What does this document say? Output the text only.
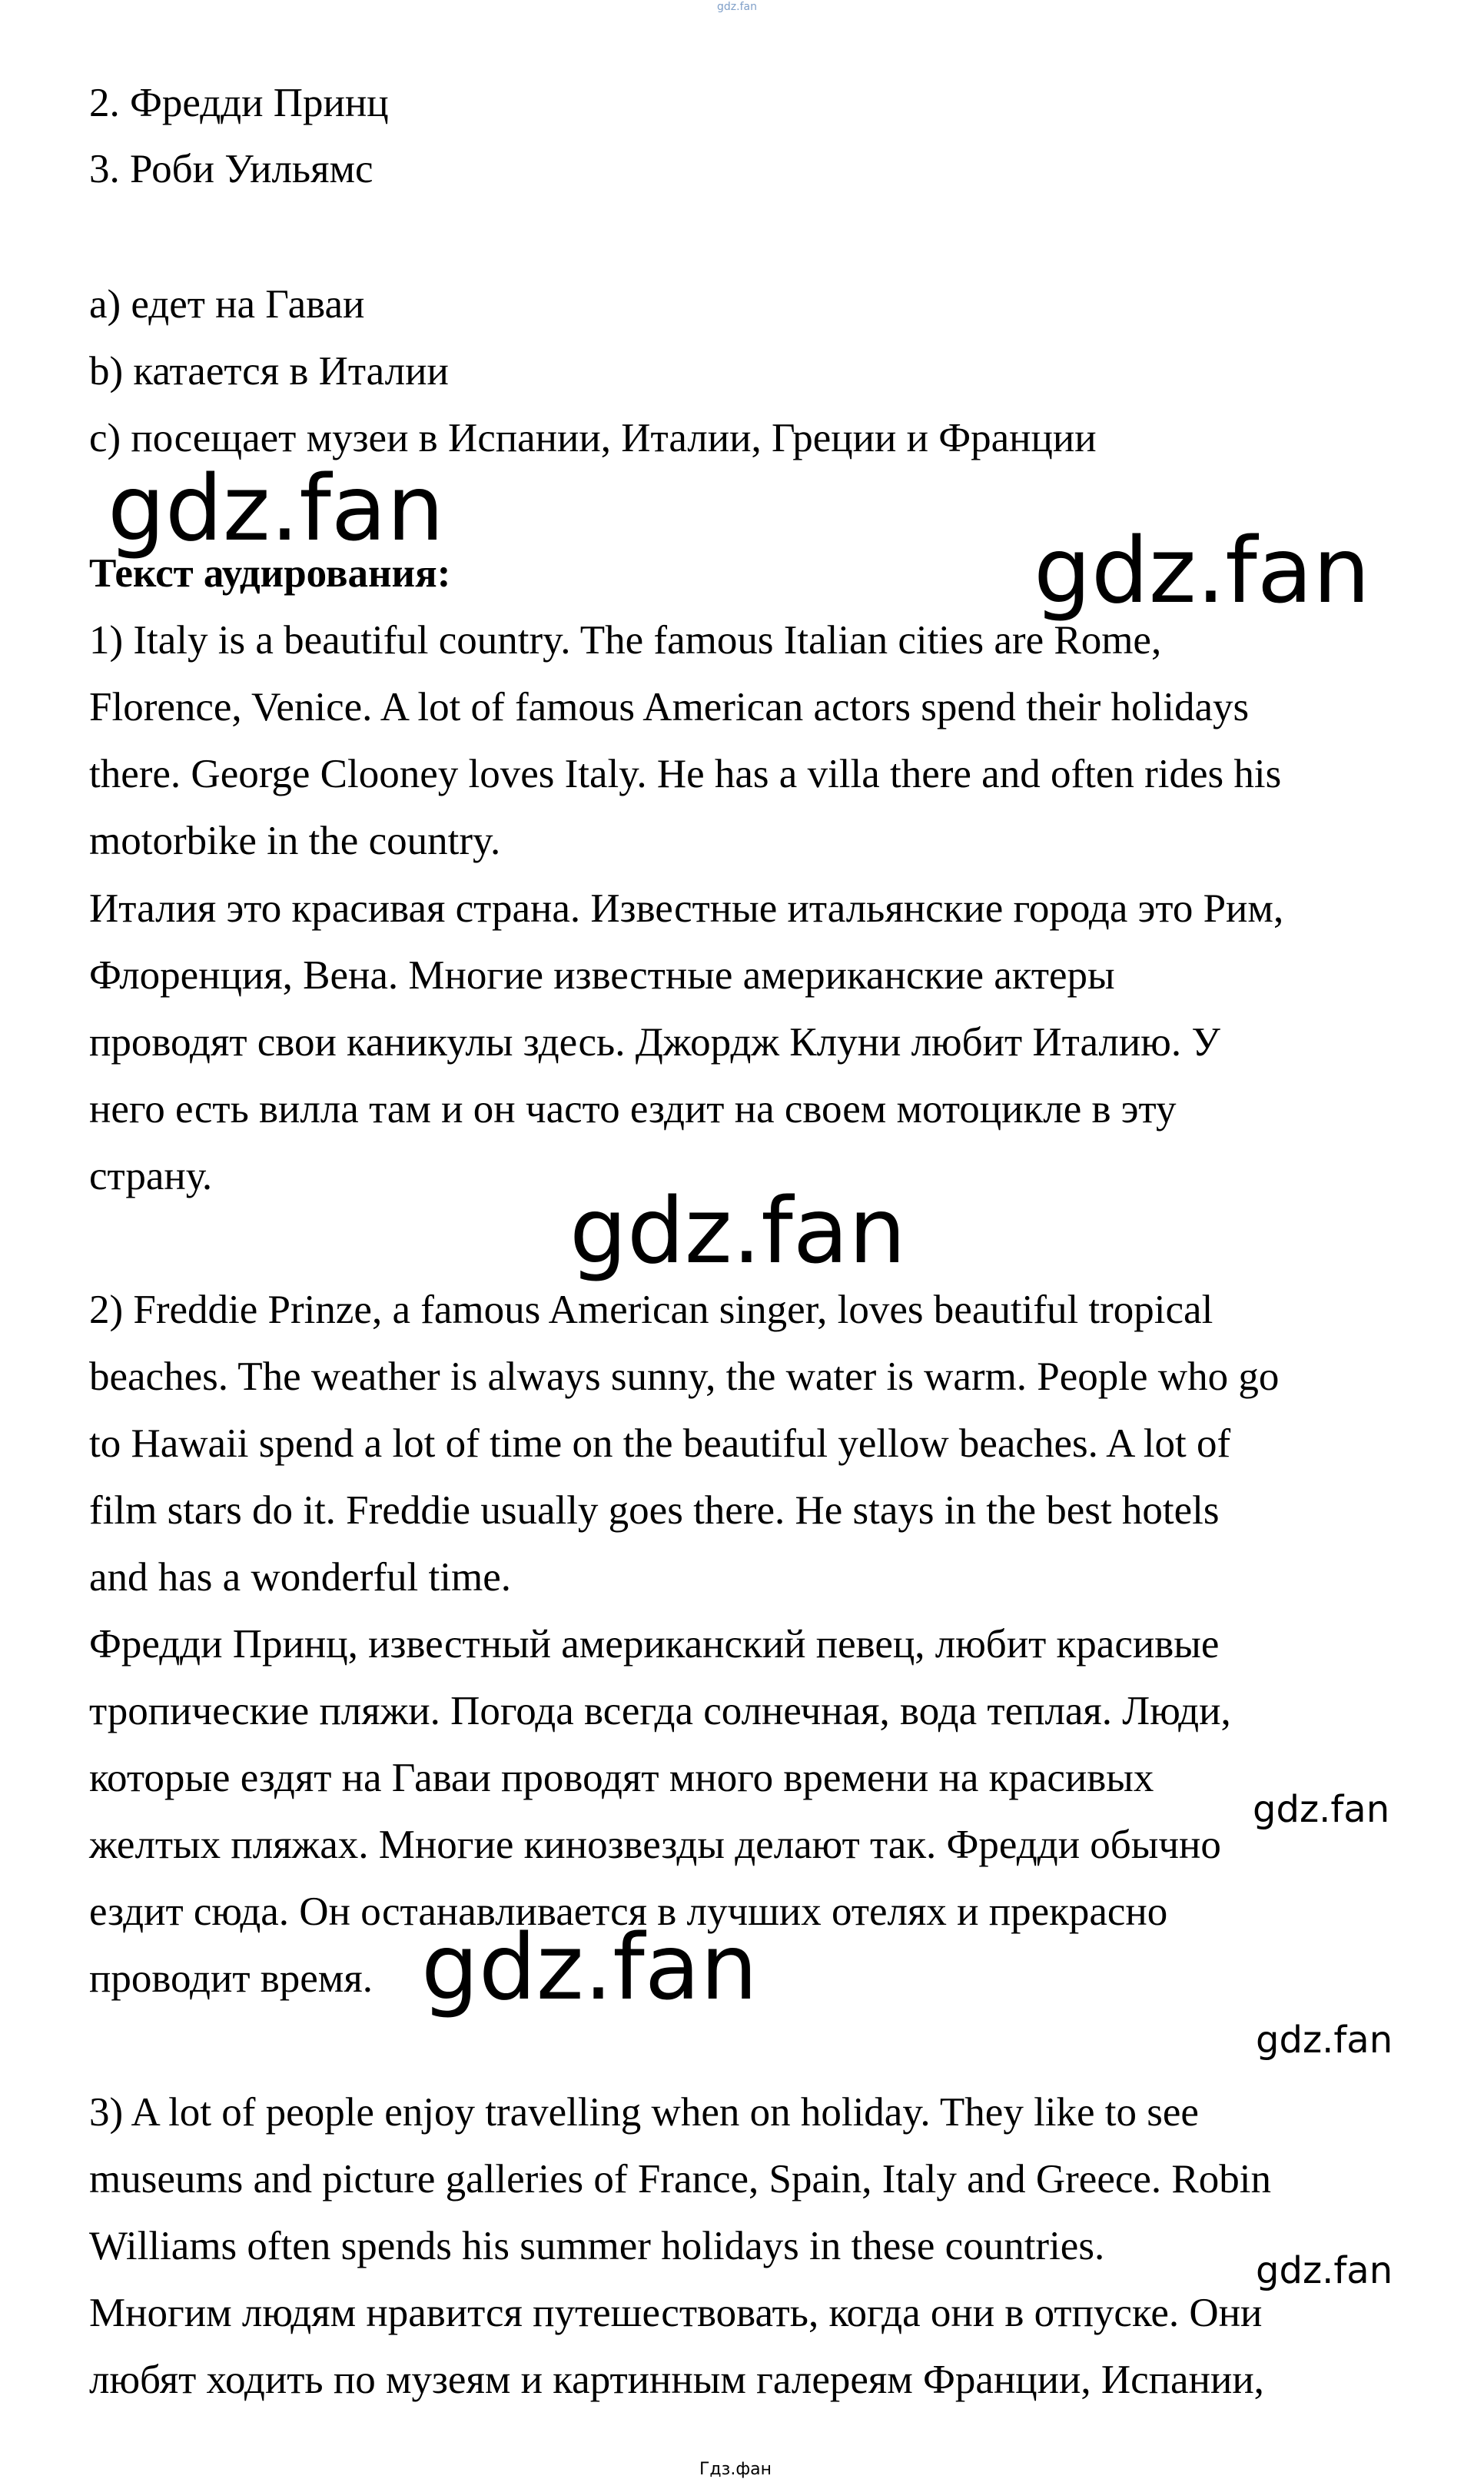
gdz.fan
2. Фредди Принц
3. Роби Уильямс
a) едет на Гаваи
b) катается в Италии
c) посещает музеи в Испании, Италии, Греции и Франции
gdz.fan
Текст аудирования:	gdz.fan
1) Italy is a beautiful country. The famous Italian cities are Rome,
Florence, Venice. A lot of famous American actors spend their holidays
there. George Clooney loves Italy. He has a villa there and often rides his
motorbike in the country.
Италия это красивая страна. Известные итальянские города это Рим,
Флоренция, Вена. Многие известные американские актеры
проводят свои каникулы здесь. Джордж Клуни любит Италию. У
него есть вилла там и он часто ездит на своем мотоцикле в эту
страну.
gdz.fan
2) Freddie Prinze, a famous American singer, loves beautiful tropical
beaches. The weather is always sunny, the water is warm. People who go
to Hawaii spend a lot of time on the beautiful yellow beaches. A lot of
film stars do it. Freddie usually goes there. He stays in the best hotels
and has a wonderful time.
Фредди Принц, известный американский певец, любит красивые
тропические пляжи. Погода всегда солнечная, вода теплая. Люди,
которые ездят на Гаваи проводят много времени на красивых
желтых пляжах. Многие кинозвезды делают так. Фредди обычно
ездит сюда. Он останавливается в лучших отелях и прекрасно
проводит время.
gdz.fan
gdz.fan
gdz.fan
3) A lot of people enjoy travelling when on holiday. They like to see
museums and picture galleries of France, Spain, Italy and Greece. Robin
Williams often spends his summer holidays in these countries.
Многим людям нравится путешествовать, когда они в отпуске. Они
любят ходить по музеям и картинным галереям Франции, Испании,
gdz.fan
Гдз.фан
